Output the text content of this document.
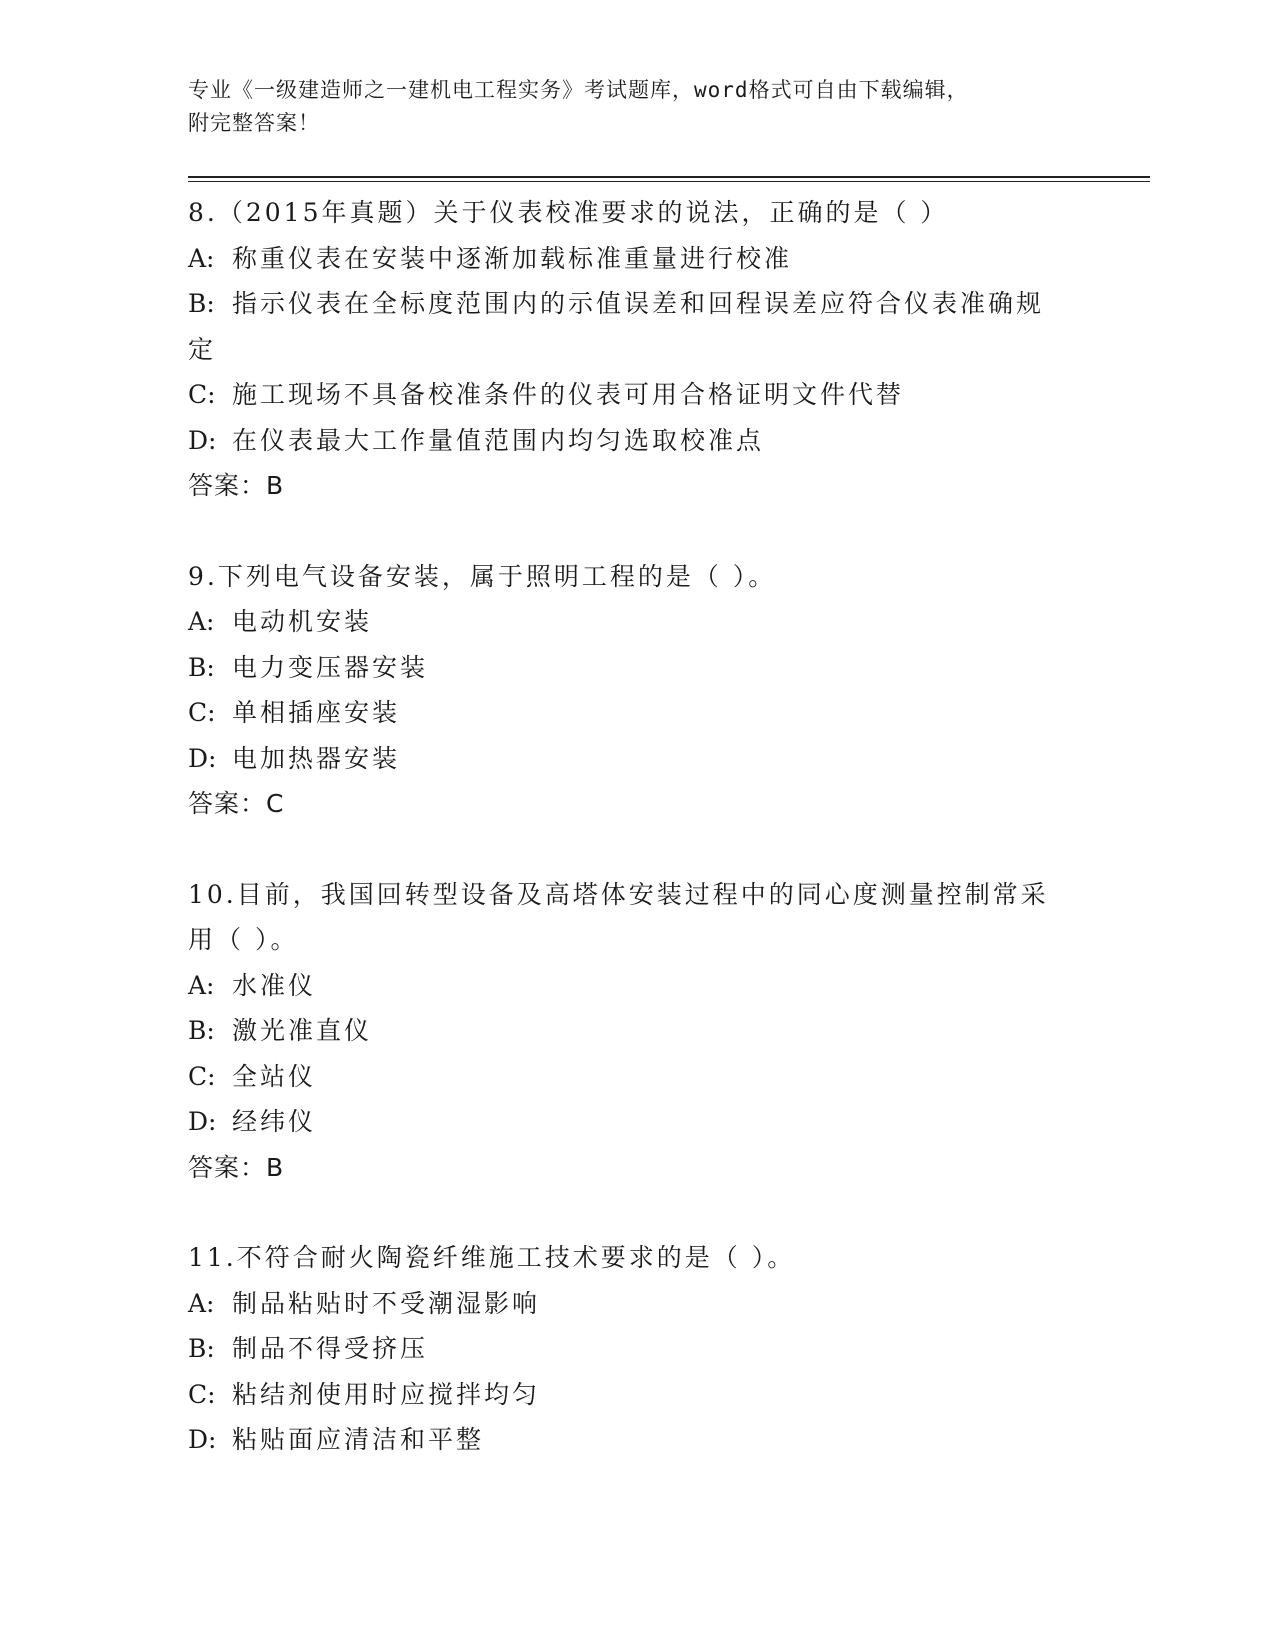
专业《一级建造师之一建机电工程实务》考试题库，word格式可自由下载编辑，

附完整答案！

8.（2015年真题）关于仪表校准要求的说法，正确的是（ ）
A: 称重仪表在安装中逐渐加载标准重量进行校准
B: 指示仪表在全标度范围内的示值误差和回程误差应符合仪表准确规
定
C: 施工现场不具备校准条件的仪表可用合格证明文件代替
D: 在仪表最大工作量值范围内均匀选取校准点
答案：B
9.下列电气设备安装，属于照明工程的是（ ）。
A: 电动机安装
B: 电力变压器安装
C: 单相插座安装
D: 电加热器安装
答案：C
10.目前，我国回转型设备及高塔体安装过程中的同心度测量控制常采
用（ ）。
A: 水准仪
B: 激光准直仪
C: 全站仪
D: 经纬仪
答案：B
11.不符合耐火陶瓷纤维施工技术要求的是（ ）。
A: 制品粘贴时不受潮湿影响
B: 制品不得受挤压
C: 粘结剂使用时应搅拌均匀
D: 粘贴面应清洁和平整
